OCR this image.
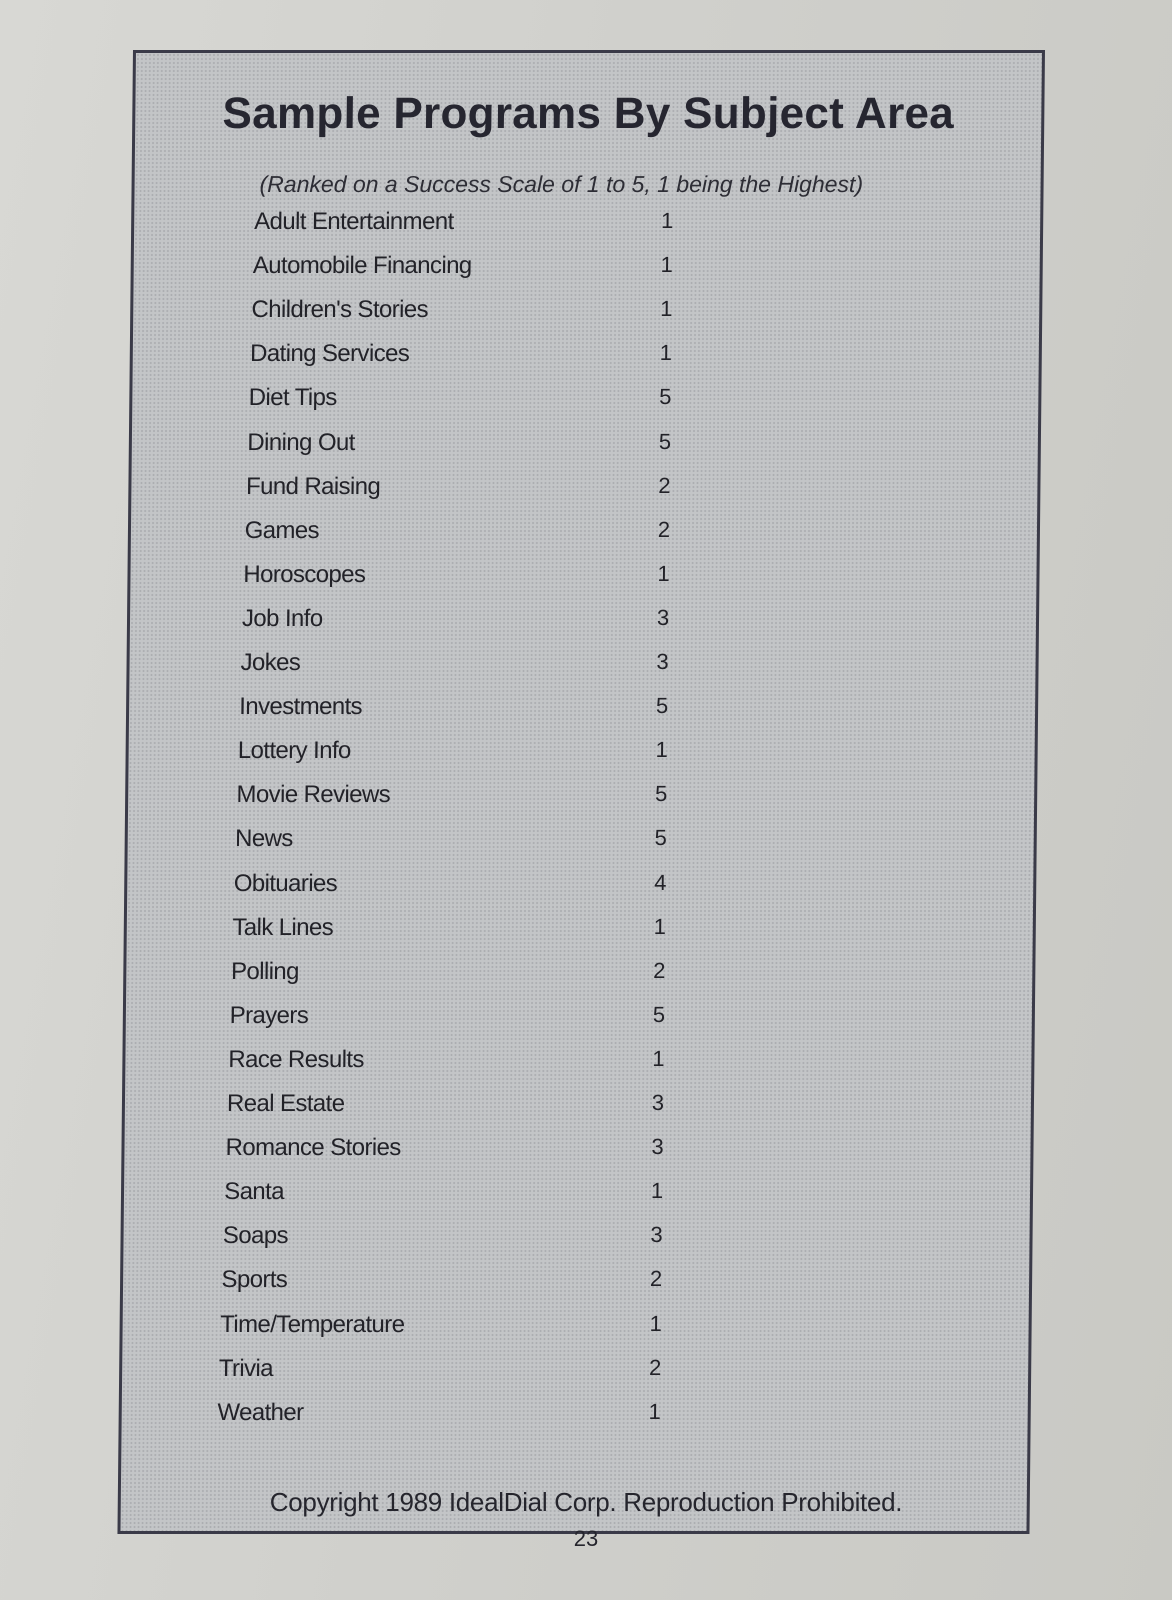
Sample Programs By Subject Area

(Ranked on a Success Scale of 1 to 5, 1 being the Highest)

Adult Entertainment	1
Automobile Financing	1
Children's Stories	1
Dating Services	1
Diet Tips	5
Dining Out	5
Fund Raising	2
Games	2
Horoscopes	1
Job Info	3
Jokes	3
Investments	5
Lottery Info	1
Movie Reviews	5
News	5
Obituaries	4
Talk Lines	1
Polling	2
Prayers	5
Race Results	1
Real Estate	3
Romance Stories	3
Santa	1
Soaps	3
Sports	2
Time/Temperature	1
Trivia	2
Weather	1
Copyright 1989 IdealDial Corp. Reproduction Prohibited.
23
